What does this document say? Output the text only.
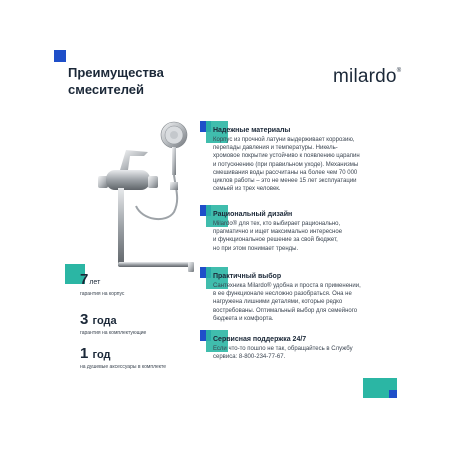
Преимущества
смесителей
milardo®
7лет
гарантия на корпус
3 года
гарантия на комплектующие
1 год
на душевые аксессуары в комплекте
Надежные материалы
Корпус из прочной латуни выдерживает коррозию,
перепады давления и температуры. Никель-
хромовое покрытие устойчиво к появлению царапин
и потускнению (при правильном уходе). Механизмы
смешивания воды рассчитаны на более чем 70 000
циклов работы – это не менее 15 лет эксплуатации
семьей из трех человек.
Рациональный дизайн
Milardo® для тех, кто выбирает рационально,
прагматично и ищет максимально интересное
и функциональное решение за свой бюджет,
но при этом понимает тренды.
Практичный выбор
Сантехника Milardo® удобна и проста в применении,
в ее функционале несложно разобраться. Она не
нагружена лишними деталями, которые редко
востребованы. Оптимальный выбор для семейного
бюджета и комфорта.
Сервисная поддержка 24/7
Если что-то пошло не так, обращайтесь в Службу
сервиса: 8-800-234-77-67.
